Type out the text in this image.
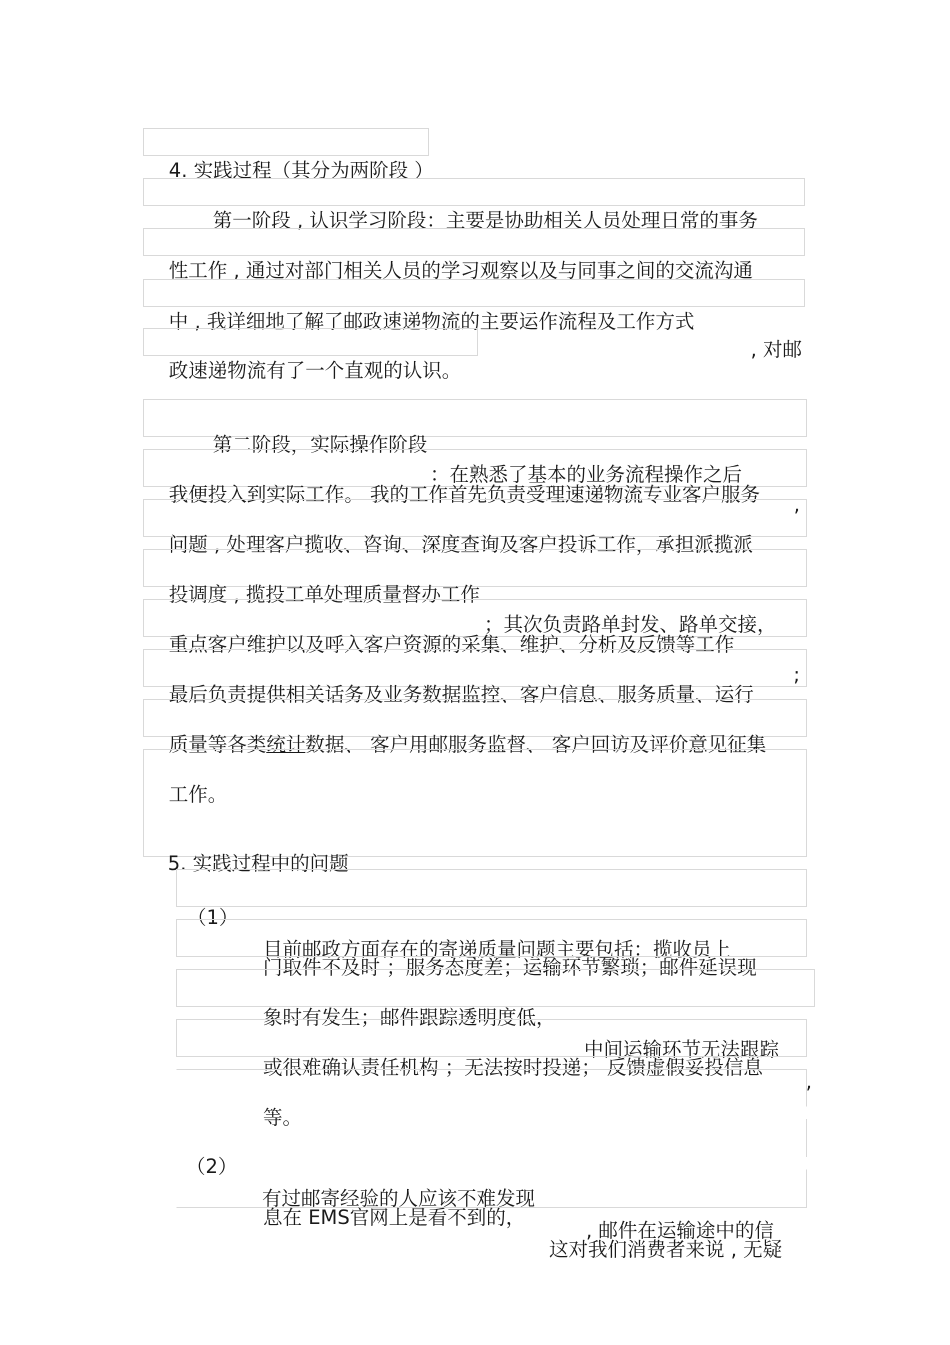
4. 实践过程（其分为两阶段 ）

第一阶段 , 认识学习阶段：主要是协助相关人员处理日常的事务

性工作 , 通过对部门相关人员的学习观察以及与同事之间的交流沟通

中 , 我详细地了解了邮政速递物流的主要运作流程及工作方式

, 对邮

政速递物流有了一个直观的认识。

第二阶段，实际操作阶段

：在熟悉了基本的业务流程操作之后

,

我便投入到实际工作。 我的工作首先负责受理速递物流专业客户服务

问题 , 处理客户揽收、咨询、深度查询及客户投诉工作，承担派揽派

投调度 , 揽投工单处理质量督办工作

；其次负责路单封发、路单交接，

重点客户维护以及呼入客户资源的采集、维护、分析及反馈等工作

;

最后负责提供相关话务及业务数据监控、客户信息、服务质量、运行

质量等各类统计数据、 客户用邮服务监督、 客户回访及评价意见征集

工作。

5. 实践过程中的问题

（1）

目前邮政方面存在的寄递质量问题主要包括：揽收员上

门取件不及时 ；服务态度差；运输环节繁琐；邮件延误现

象时有发生；邮件跟踪透明度低，

中间运输环节无法跟踪

,

或很难确认责任机构 ；无法按时投递； 反馈虚假妥投信息

等。

（2）

有过邮寄经验的人应该不难发现

, 邮件在运输途中的信

息在 EMS官网上是看不到的，

这对我们消费者来说 , 无疑
